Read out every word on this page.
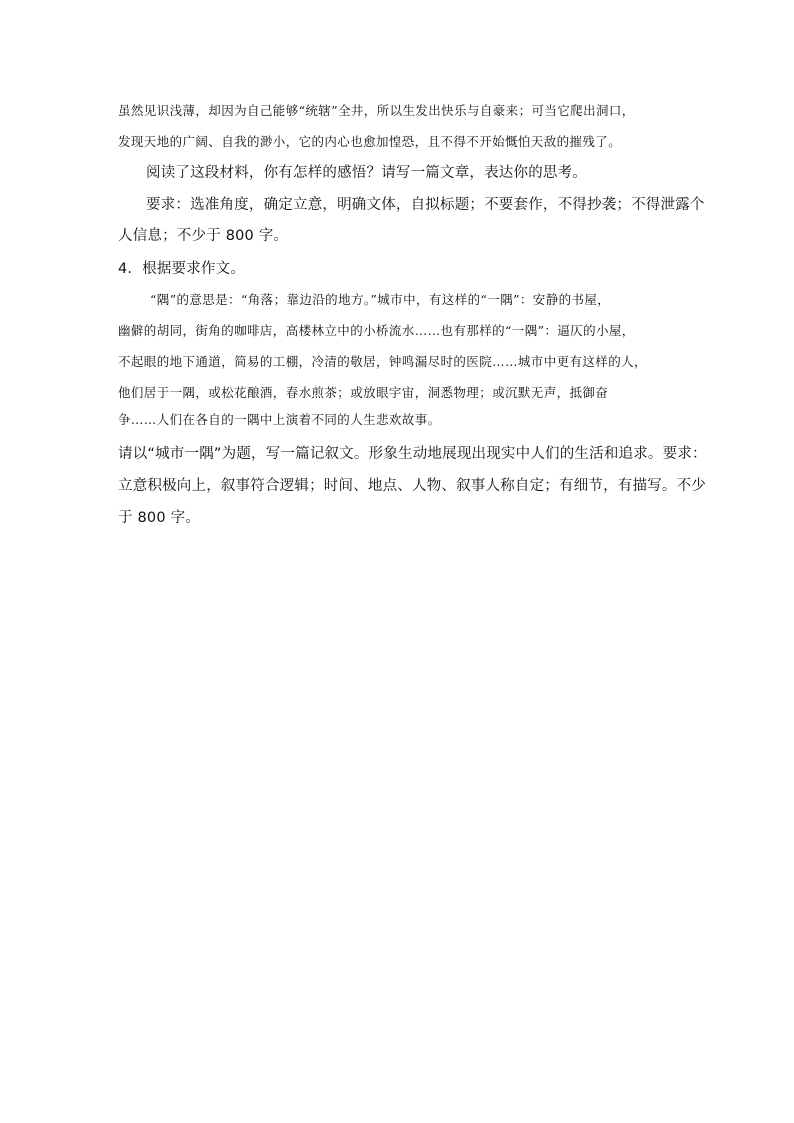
虽然见识浅薄，却因为自己能够“统辖”全井，所以生发出快乐与自豪来；可当它爬出洞口，
发现天地的广阔、自我的渺小，它的内心也愈加惶恐，且不得不开始慨怕天敌的摧残了。
阅读了这段材料，你有怎样的感悟？请写一篇文章，表达你的思考。
要求：选准角度，确定立意，明确文体，自拟标题；不要套作，不得抄袭；不得泄露个
人信息；不少于 800 字。
4．根据要求作文。
“隅”的意思是：“角落；靠边沿的地方。”城市中，有这样的“一隅”：安静的书屋，
幽僻的胡同，街角的咖啡店，高楼林立中的小桥流水……也有那样的“一隅”：逼仄的小屋，
不起眼的地下通道，简易的工棚，冷清的敬居，钟鸣漏尽时的医院……城市中更有这样的人，
他们居于一隅，或松花酿酒，春水煎茶；或放眼宇宙，洞悉物理；或沉默无声，抵御奋
争……人们在各自的一隅中上演着不同的人生悲欢故事。
请以“城市一隅”为题，写一篇记叙文。形象生动地展现出现实中人们的生活和追求。要求：
立意积极向上，叙事符合逻辑；时间、地点、人物、叙事人称自定；有细节，有描写。不少
于 800 字。
